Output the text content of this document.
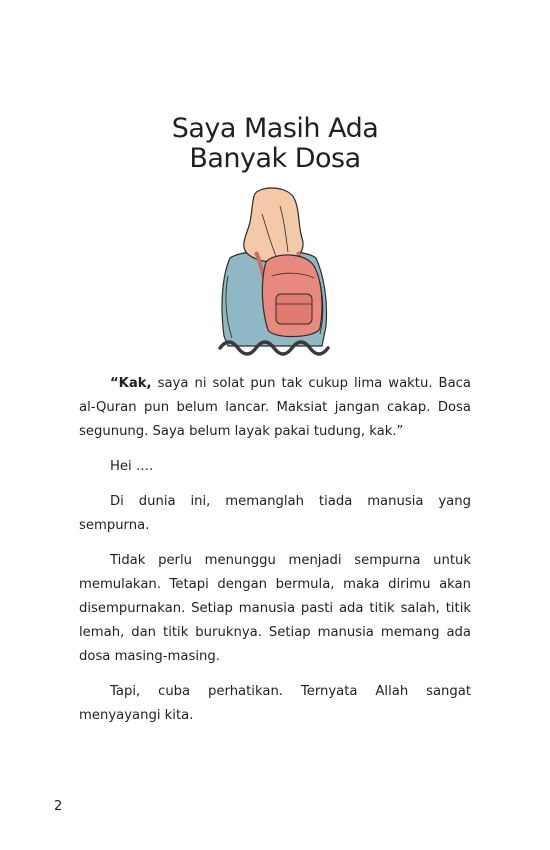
Saya Masih Ada
Banyak Dosa

“Kak, saya ni solat pun tak cukup lima waktu. Baca al-Quran pun belum lancar. Maksiat jangan cakap. Dosa segunung. Saya belum layak pakai tudung, kak.”

Hei ….

Di dunia ini, memanglah tiada manusia yang sempurna.

Tidak perlu menunggu menjadi sempurna untuk memulakan. Tetapi dengan bermula, maka dirimu akan disempurnakan. Setiap manusia pasti ada titik salah, titik lemah, dan titik buruknya. Setiap manusia memang ada dosa masing-masing.

Tapi, cuba perhatikan. Ternyata Allah sangat menyayangi kita.

2
